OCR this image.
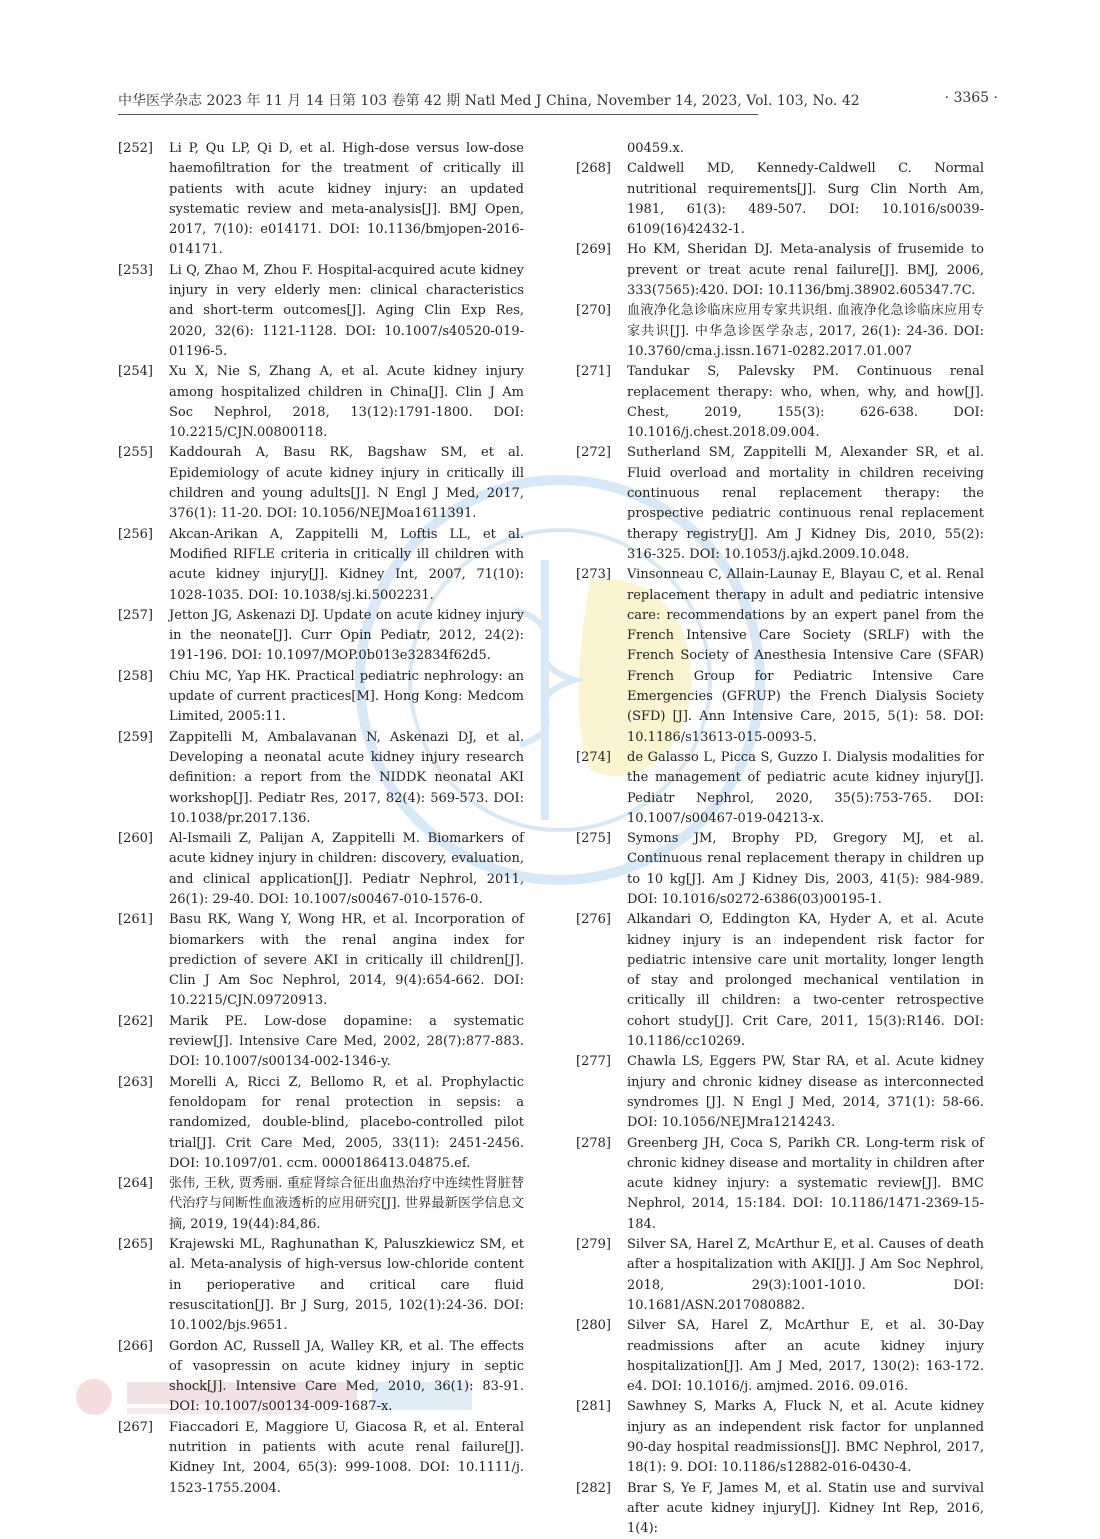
中华医学杂志 2023 年 11 月 14 日第 103 卷第 42 期 Natl Med J China, November 14, 2023, Vol. 103, No. 42	· 3365 ·
[252] Li P, Qu LP, Qi D, et al. High-dose versus low-dose haemofiltration for the treatment of critically ill patients with acute kidney injury: an updated systematic review and meta-analysis[J]. BMJ Open, 2017, 7(10): e014171. DOI: 10.1136/bmjopen-2016-014171.
[253] Li Q, Zhao M, Zhou F. Hospital-acquired acute kidney injury in very elderly men: clinical characteristics and short-term outcomes[J]. Aging Clin Exp Res, 2020, 32(6): 1121-1128. DOI: 10.1007/s40520-019-01196-5.
[254] Xu X, Nie S, Zhang A, et al. Acute kidney injury among hospitalized children in China[J]. Clin J Am Soc Nephrol, 2018, 13(12):1791-1800. DOI: 10.2215/CJN.00800118.
[255] Kaddourah A, Basu RK, Bagshaw SM, et al. Epidemiology of acute kidney injury in critically ill children and young adults[J]. N Engl J Med, 2017, 376(1): 11-20. DOI: 10.1056/NEJMoa1611391.
[256] Akcan-Arikan A, Zappitelli M, Loftis LL, et al. Modified RIFLE criteria in critically ill children with acute kidney injury[J]. Kidney Int, 2007, 71(10): 1028-1035. DOI: 10.1038/sj.ki.5002231.
[257] Jetton JG, Askenazi DJ. Update on acute kidney injury in the neonate[J]. Curr Opin Pediatr, 2012, 24(2): 191-196. DOI: 10.1097/MOP.0b013e32834f62d5.
[258] Chiu MC, Yap HK. Practical pediatric nephrology: an update of current practices[M]. Hong Kong: Medcom Limited, 2005:11.
[259] Zappitelli M, Ambalavanan N, Askenazi DJ, et al. Developing a neonatal acute kidney injury research definition: a report from the NIDDK neonatal AKI workshop[J]. Pediatr Res, 2017, 82(4): 569-573. DOI: 10.1038/pr.2017.136.
[260] Al-Ismaili Z, Palijan A, Zappitelli M. Biomarkers of acute kidney injury in children: discovery, evaluation, and clinical application[J]. Pediatr Nephrol, 2011, 26(1): 29-40. DOI: 10.1007/s00467-010-1576-0.
[261] Basu RK, Wang Y, Wong HR, et al. Incorporation of biomarkers with the renal angina index for prediction of severe AKI in critically ill children[J]. Clin J Am Soc Nephrol, 2014, 9(4):654-662. DOI: 10.2215/CJN.09720913.
[262] Marik PE. Low-dose dopamine: a systematic review[J]. Intensive Care Med, 2002, 28(7):877-883. DOI: 10.1007/s00134-002-1346-y.
[263] Morelli A, Ricci Z, Bellomo R, et al. Prophylactic fenoldopam for renal protection in sepsis: a randomized, double-blind, placebo-controlled pilot trial[J]. Crit Care Med, 2005, 33(11): 2451-2456. DOI: 10.1097/01. ccm. 0000186413.04875.ef.
[264] 张伟, 王秋, 贾秀丽. 重症肾综合征出血热治疗中连续性肾脏替代治疗与间断性血液透析的应用研究[J]. 世界最新医学信息文摘, 2019, 19(44):84,86.
[265] Krajewski ML, Raghunathan K, Paluszkiewicz SM, et al. Meta-analysis of high-versus low-chloride content in perioperative and critical care fluid resuscitation[J]. Br J Surg, 2015, 102(1):24-36. DOI: 10.1002/bjs.9651.
[266] Gordon AC, Russell JA, Walley KR, et al. The effects of vasopressin on acute kidney injury in septic shock[J]. Intensive Care Med, 2010, 36(1): 83-91. DOI: 10.1007/s00134-009-1687-x.
[267] Fiaccadori E, Maggiore U, Giacosa R, et al. Enteral nutrition in patients with acute renal failure[J]. Kidney Int, 2004, 65(3): 999-1008. DOI: 10.1111/j. 1523-1755.2004.
00459.x.
[268] Caldwell MD, Kennedy-Caldwell C. Normal nutritional requirements[J]. Surg Clin North Am, 1981, 61(3): 489-507. DOI: 10.1016/s0039-6109(16)42432-1.
[269] Ho KM, Sheridan DJ. Meta-analysis of frusemide to prevent or treat acute renal failure[J]. BMJ, 2006, 333(7565):420. DOI: 10.1136/bmj.38902.605347.7C.
[270] 血液净化急诊临床应用专家共识组. 血液净化急诊临床应用专家共识[J]. 中华急诊医学杂志, 2017, 26(1): 24-36. DOI: 10.3760/cma.j.issn.1671-0282.2017.01.007
[271] Tandukar S, Palevsky PM. Continuous renal replacement therapy: who, when, why, and how[J]. Chest, 2019, 155(3): 626-638. DOI: 10.1016/j.chest.2018.09.004.
[272] Sutherland SM, Zappitelli M, Alexander SR, et al. Fluid overload and mortality in children receiving continuous renal replacement therapy: the prospective pediatric continuous renal replacement therapy registry[J]. Am J Kidney Dis, 2010, 55(2): 316-325. DOI: 10.1053/j.ajkd.2009.10.048.
[273] Vinsonneau C, Allain-Launay E, Blayau C, et al. Renal replacement therapy in adult and pediatric intensive care: recommendations by an expert panel from the French Intensive Care Society (SRLF) with the French Society of Anesthesia Intensive Care (SFAR) French Group for Pediatric Intensive Care Emergencies (GFRUP) the French Dialysis Society (SFD) [J]. Ann Intensive Care, 2015, 5(1): 58. DOI: 10.1186/s13613-015-0093-5.
[274] de Galasso L, Picca S, Guzzo I. Dialysis modalities for the management of pediatric acute kidney injury[J]. Pediatr Nephrol, 2020, 35(5):753-765. DOI: 10.1007/s00467-019-04213-x.
[275] Symons JM, Brophy PD, Gregory MJ, et al. Continuous renal replacement therapy in children up to 10 kg[J]. Am J Kidney Dis, 2003, 41(5): 984-989. DOI: 10.1016/s0272-6386(03)00195-1.
[276] Alkandari O, Eddington KA, Hyder A, et al. Acute kidney injury is an independent risk factor for pediatric intensive care unit mortality, longer length of stay and prolonged mechanical ventilation in critically ill children: a two-center retrospective cohort study[J]. Crit Care, 2011, 15(3):R146. DOI: 10.1186/cc10269.
[277] Chawla LS, Eggers PW, Star RA, et al. Acute kidney injury and chronic kidney disease as interconnected syndromes [J]. N Engl J Med, 2014, 371(1): 58-66. DOI: 10.1056/NEJMra1214243.
[278] Greenberg JH, Coca S, Parikh CR. Long-term risk of chronic kidney disease and mortality in children after acute kidney injury: a systematic review[J]. BMC Nephrol, 2014, 15:184. DOI: 10.1186/1471-2369-15-184.
[279] Silver SA, Harel Z, McArthur E, et al. Causes of death after a hospitalization with AKI[J]. J Am Soc Nephrol, 2018, 29(3):1001-1010. DOI: 10.1681/ASN.2017080882.
[280] Silver SA, Harel Z, McArthur E, et al. 30-Day readmissions after an acute kidney injury hospitalization[J]. Am J Med, 2017, 130(2): 163-172. e4. DOI: 10.1016/j. amjmed. 2016. 09.016.
[281] Sawhney S, Marks A, Fluck N, et al. Acute kidney injury as an independent risk factor for unplanned 90-day hospital readmissions[J]. BMC Nephrol, 2017, 18(1): 9. DOI: 10.1186/s12882-016-0430-4.
[282] Brar S, Ye F, James M, et al. Statin use and survival after acute kidney injury[J]. Kidney Int Rep, 2016, 1(4):
